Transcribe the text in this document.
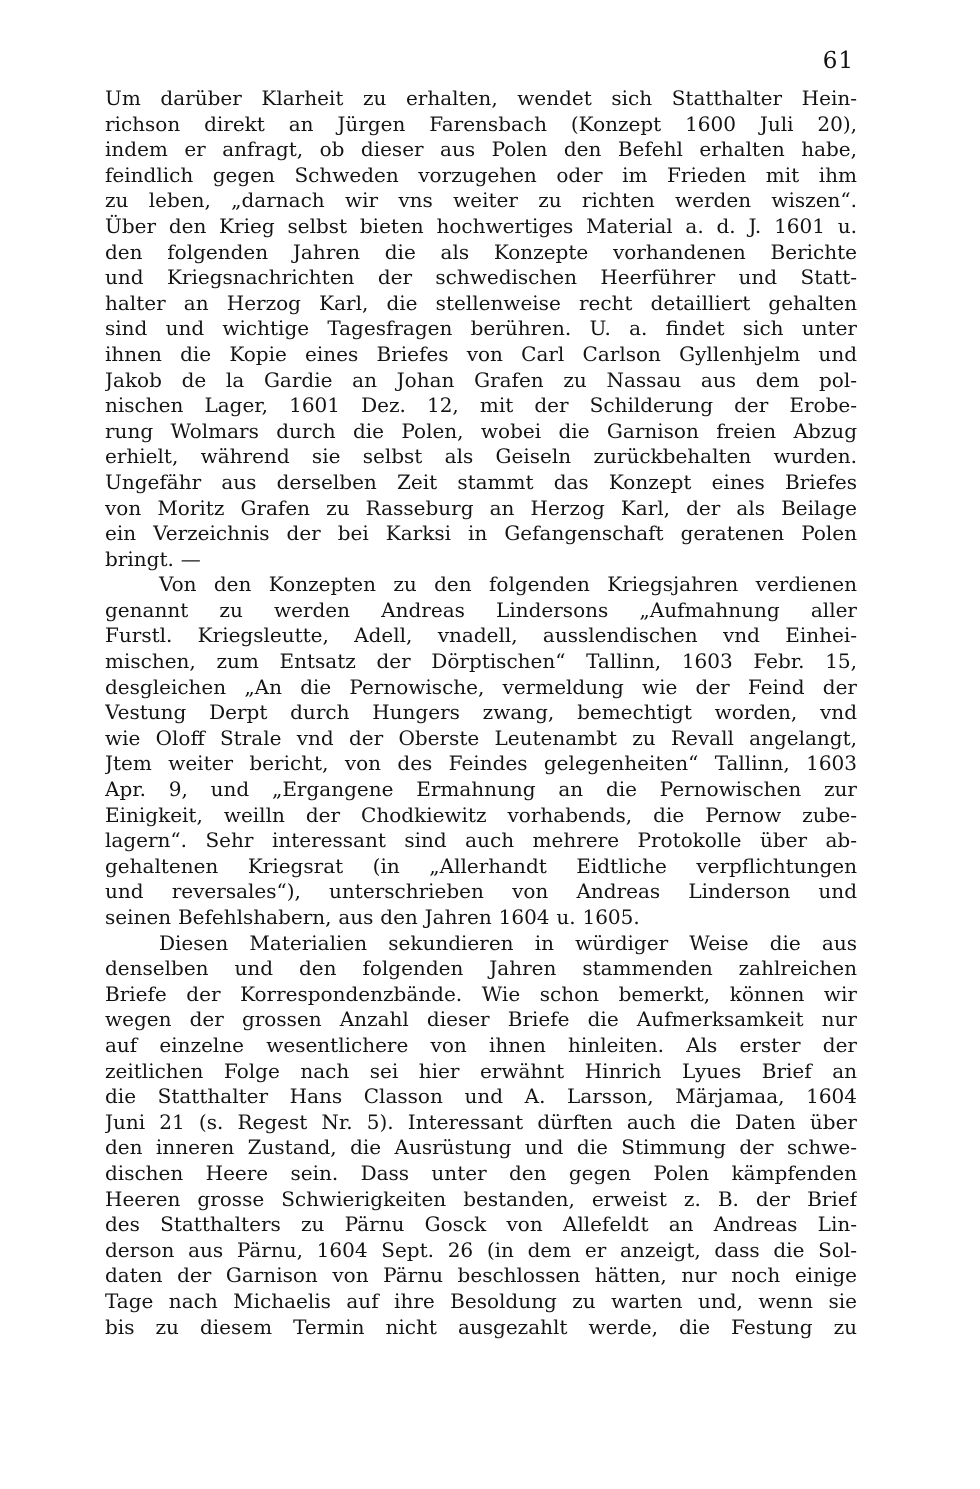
61
Um darüber Klarheit zu erhalten, wendet sich Statthalter Hein-
richson direkt an Jürgen Farensbach (Konzept 1600 Juli 20),
indem er anfragt, ob dieser aus Polen den Befehl erhalten habe,
feindlich gegen Schweden vorzugehen oder im Frieden mit ihm
zu leben, „darnach wir vns weiter zu richten werden wiszen“.
Über den Krieg selbst bieten hochwertiges Material a. d. J. 1601 u.
den folgenden Jahren die als Konzepte vorhandenen Berichte
und Kriegsnachrichten der schwedischen Heerführer und Statt-
halter an Herzog Karl, die stellenweise recht detailliert gehalten
sind und wichtige Tagesfragen berühren. U. a. findet sich unter
ihnen die Kopie eines Briefes von Carl Carlson Gyllenhjelm und
Jakob de la Gardie an Johan Grafen zu Nassau aus dem pol-
nischen Lager, 1601 Dez. 12, mit der Schilderung der Erobe-
rung Wolmars durch die Polen, wobei die Garnison freien Abzug
erhielt, während sie selbst als Geiseln zurückbehalten wurden.
Ungefähr aus derselben Zeit stammt das Konzept eines Briefes
von Moritz Grafen zu Rasseburg an Herzog Karl, der als Beilage
ein Verzeichnis der bei Karksi in Gefangenschaft geratenen Polen
bringt. —
Von den Konzepten zu den folgenden Kriegsjahren verdienen
genannt zu werden Andreas Lindersons „Aufmahnung aller
Furstl. Kriegsleutte, Adell, vnadell, ausslendischen vnd Einhei-
mischen, zum Entsatz der Dörptischen“ Tallinn, 1603 Febr. 15,
desgleichen „An die Pernowische, vermeldung wie der Feind der
Vestung Derpt durch Hungers zwang, bemechtigt worden, vnd
wie Oloff Strale vnd der Oberste Leutenambt zu Revall angelangt,
Jtem weiter bericht, von des Feindes gelegenheiten“ Tallinn, 1603
Apr. 9, und „Ergangene Ermahnung an die Pernowischen zur
Einigkeit, weilln der Chodkiewitz vorhabends, die Pernow zube-
lagern“. Sehr interessant sind auch mehrere Protokolle über ab-
gehaltenen Kriegsrat (in „Allerhandt Eidtliche verpflichtungen
und reversales“), unterschrieben von Andreas Linderson und
seinen Befehlshabern, aus den Jahren 1604 u. 1605.
Diesen Materialien sekundieren in würdiger Weise die aus
denselben und den folgenden Jahren stammenden zahlreichen
Briefe der Korrespondenzbände. Wie schon bemerkt, können wir
wegen der grossen Anzahl dieser Briefe die Aufmerksamkeit nur
auf einzelne wesentlichere von ihnen hinleiten. Als erster der
zeitlichen Folge nach sei hier erwähnt Hinrich Lyues Brief an
die Statthalter Hans Classon und A. Larsson, Märjamaa, 1604
Juni 21 (s. Regest Nr. 5). Interessant dürften auch die Daten über
den inneren Zustand, die Ausrüstung und die Stimmung der schwe-
dischen Heere sein. Dass unter den gegen Polen kämpfenden
Heeren grosse Schwierigkeiten bestanden, erweist z. B. der Brief
des Statthalters zu Pärnu Gosck von Allefeldt an Andreas Lin-
derson aus Pärnu, 1604 Sept. 26 (in dem er anzeigt, dass die Sol-
daten der Garnison von Pärnu beschlossen hätten, nur noch einige
Tage nach Michaelis auf ihre Besoldung zu warten und, wenn sie
bis zu diesem Termin nicht ausgezahlt werde, die Festung zu
